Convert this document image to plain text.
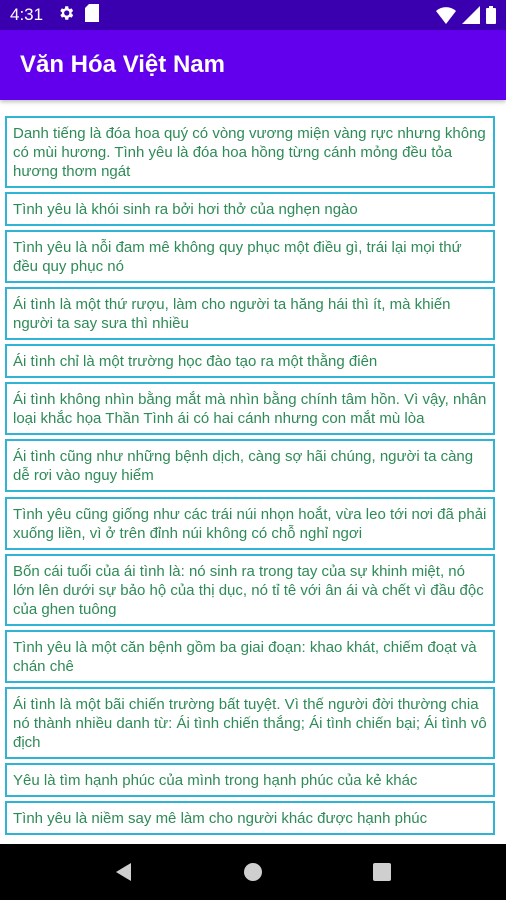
4:31
Văn Hóa Việt Nam
Danh tiếng là đóa hoa quý có vòng vương miện vàng rực nhưng không có mùi hương. Tình yêu là đóa hoa hồng từng cánh mỏng đều tỏa hương thơm ngát
Tình yêu là khói sinh ra bởi hơi thở của nghẹn ngào
Tình yêu là nỗi đam mê không quy phục một điều gì, trái lại mọi thứ đều quy phục nó
Ái tình là một thứ rượu, làm cho người ta hăng hái thì ít, mà khiến người ta say sưa thì nhiều
Ái tình chỉ là một trường học đào tạo ra một thằng điên
Ái tình không nhìn bằng mắt mà nhìn bằng chính tâm hồn. Vì vậy, nhân loại khắc họa Thần Tình ái có hai cánh nhưng con mắt mù lòa
Ái tình cũng như những bệnh dịch, càng sợ hãi chúng, người ta càng dễ rơi vào nguy hiểm
Tình yêu cũng giống như các trái núi nhọn hoắt, vừa leo tới nơi đã phải xuống liền, vì ở trên đỉnh núi không có chỗ nghỉ ngơi
Bốn cái tuổi của ái tình là: nó sinh ra trong tay của sự khinh miệt, nó lớn lên dưới sự bảo hộ của thị dục, nó tỉ tê với ân ái và chết vì đầu độc của ghen tuông
Tình yêu là một căn bệnh gồm ba giai đoạn: khao khát, chiếm đoạt và chán chê
Ái tình là một bãi chiến trường bất tuyệt. Vì thế người đời thường chia nó thành nhiều danh từ: Ái tình chiến thắng; Ái tình chiến bại; Ái tình vô địch
Yêu là tìm hạnh phúc của mình trong hạnh phúc của kẻ khác
Tình yêu là niềm say mê làm cho người khác được hạnh phúc
